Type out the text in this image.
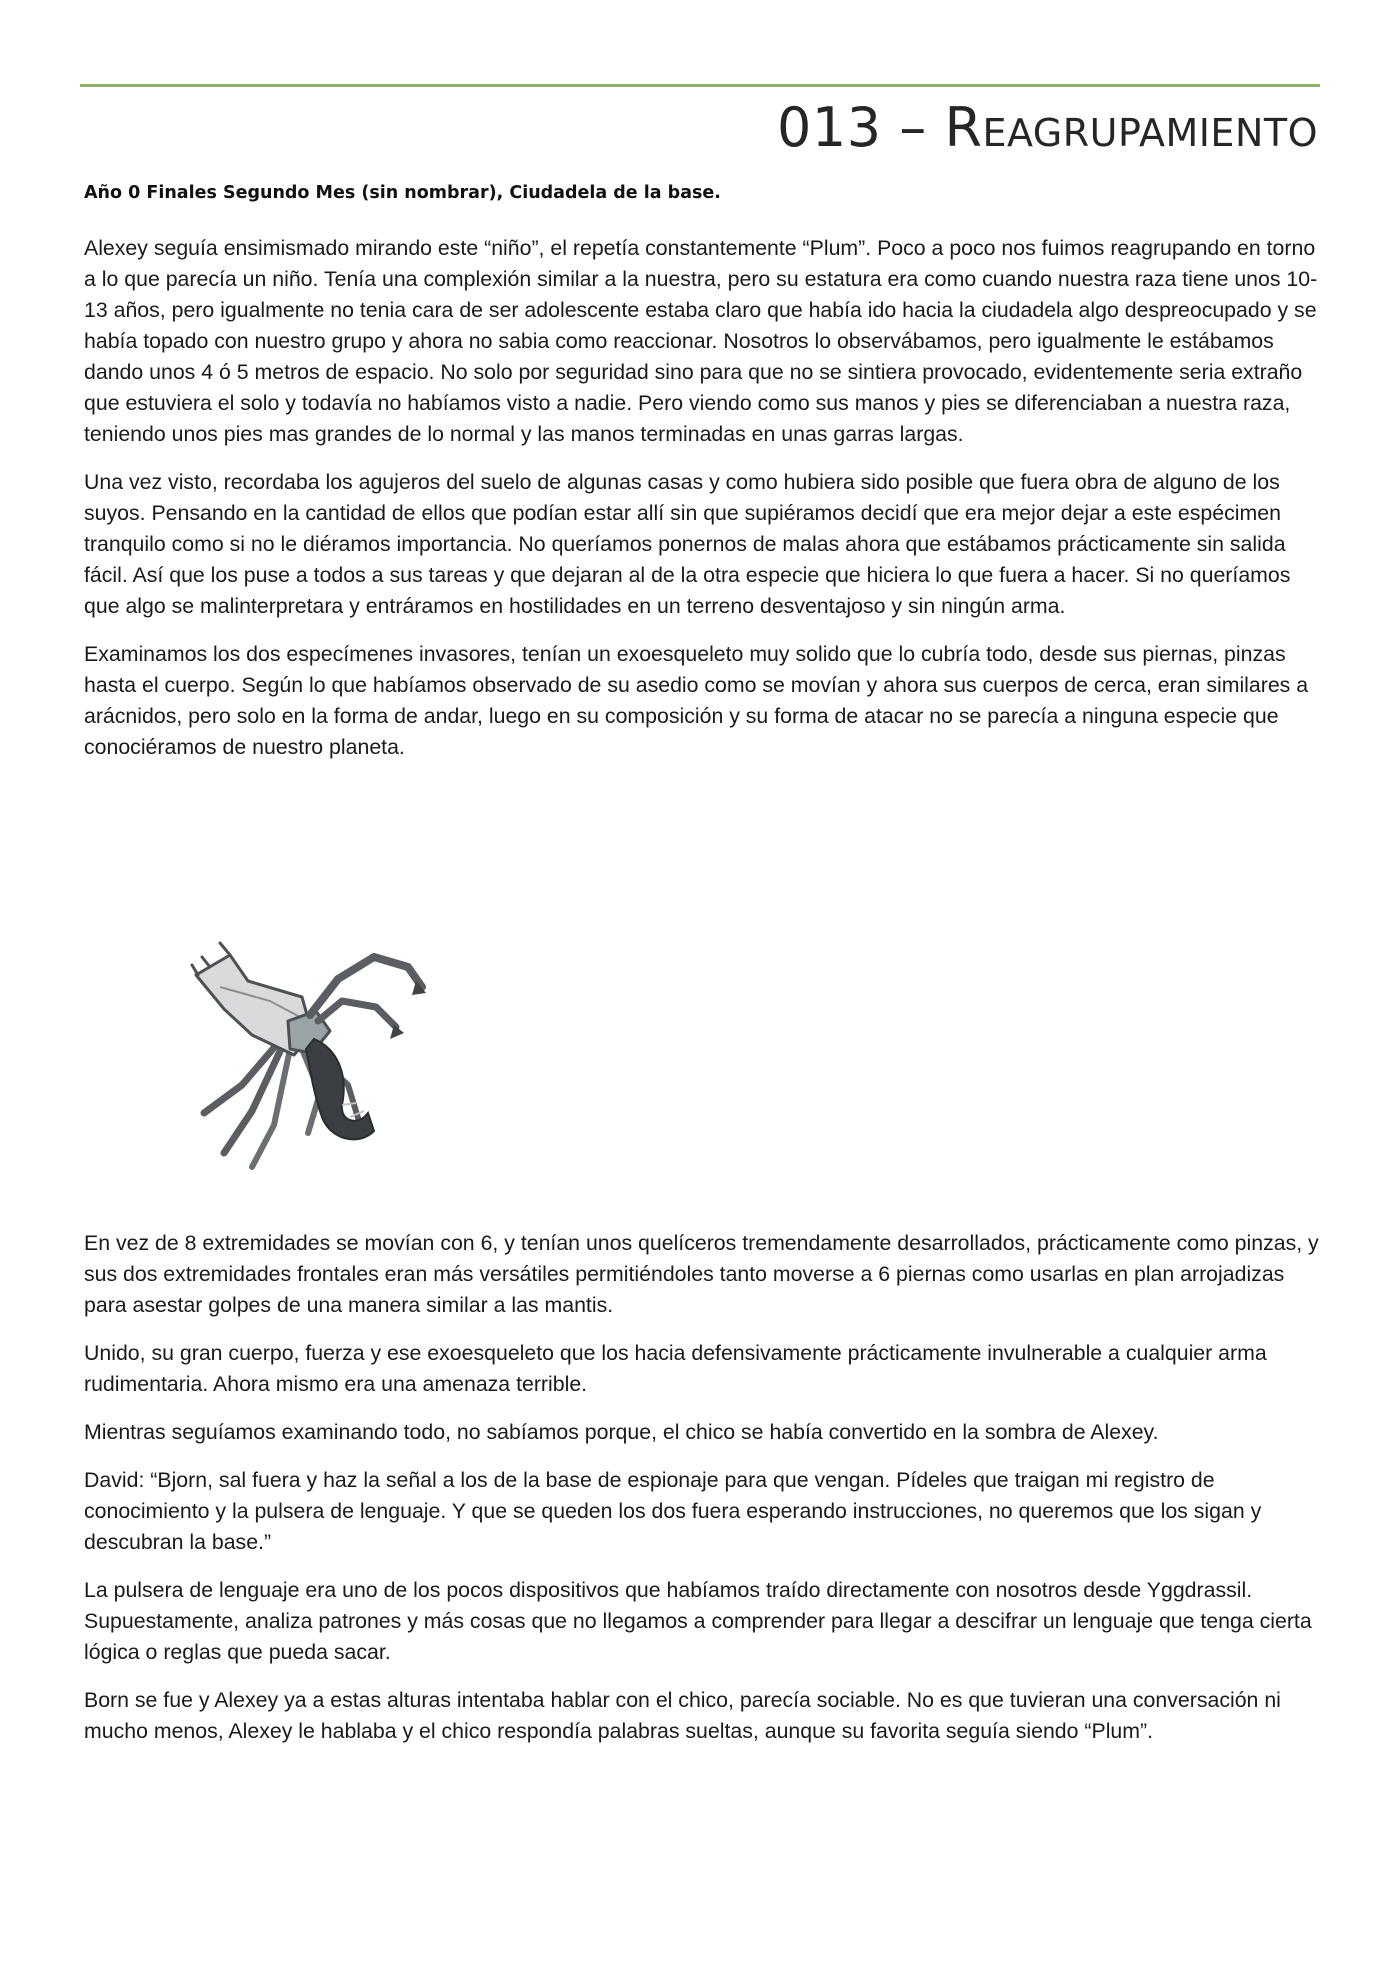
013 – Reagrupamiento

Año 0 Finales Segundo Mes (sin nombrar), Ciudadela de la base.

Alexey seguía ensimismado mirando este “niño”, el repetía constantemente “Plum”. Poco a poco nos fuimos reagrupando en torno a lo que parecía un niño. Tenía una complexión similar a la nuestra, pero su estatura era como cuando nuestra raza tiene unos 10-13 años, pero igualmente no tenia cara de ser adolescente estaba claro que había ido hacia la ciudadela algo despreocupado y se había topado con nuestro grupo y ahora no sabia como reaccionar. Nosotros lo observábamos, pero igualmente le estábamos dando unos 4 ó 5 metros de espacio. No solo por seguridad sino para que no se sintiera provocado, evidentemente seria extraño que estuviera el solo y todavía no habíamos visto a nadie. Pero viendo como sus manos y pies se diferenciaban a nuestra raza, teniendo unos pies mas grandes de lo normal y las manos terminadas en unas garras largas.

Una vez visto, recordaba los agujeros del suelo de algunas casas y como hubiera sido posible que fuera obra de alguno de los suyos. Pensando en la cantidad de ellos que podían estar allí sin que supiéramos decidí que era mejor dejar a este espécimen tranquilo como si no le diéramos importancia. No queríamos ponernos de malas ahora que estábamos prácticamente sin salida fácil. Así que los puse a todos a sus tareas y que dejaran al de la otra especie que hiciera lo que fuera a hacer. Si no queríamos que algo se malinterpretara y entráramos en hostilidades en un terreno desventajoso y sin ningún arma.

Examinamos los dos especímenes invasores, tenían un exoesqueleto muy solido que lo cubría todo, desde sus piernas, pinzas hasta el cuerpo. Según lo que habíamos observado de su asedio como se movían y ahora sus cuerpos de cerca, eran similares a arácnidos, pero solo en la forma de andar, luego en su composición y su forma de atacar no se parecía a ninguna especie que conociéramos de nuestro planeta.

En vez de 8 extremidades se movían con 6, y tenían unos quelíceros tremendamente desarrollados, prácticamente como pinzas, y sus dos extremidades frontales eran más versátiles permitiéndoles tanto moverse a 6 piernas como usarlas en plan arrojadizas para asestar golpes de una manera similar a las mantis.

Unido, su gran cuerpo, fuerza y ese exoesqueleto que los hacia defensivamente prácticamente invulnerable a cualquier arma rudimentaria. Ahora mismo era una amenaza terrible.

Mientras seguíamos examinando todo, no sabíamos porque, el chico se había convertido en la sombra de Alexey.

David: “Bjorn, sal fuera y haz la señal a los de la base de espionaje para que vengan. Pídeles que traigan mi registro de conocimiento y la pulsera de lenguaje. Y que se queden los dos fuera esperando instrucciones, no queremos que los sigan y descubran la base.”

La pulsera de lenguaje era uno de los pocos dispositivos que habíamos traído directamente con nosotros desde Yggdrassil. Supuestamente, analiza patrones y más cosas que no llegamos a comprender para llegar a descifrar un lenguaje que tenga cierta lógica o reglas que pueda sacar.

Born se fue y Alexey ya a estas alturas intentaba hablar con el chico, parecía sociable. No es que tuvieran una conversación ni mucho menos, Alexey le hablaba y el chico respondía palabras sueltas, aunque su favorita seguía siendo “Plum”.
